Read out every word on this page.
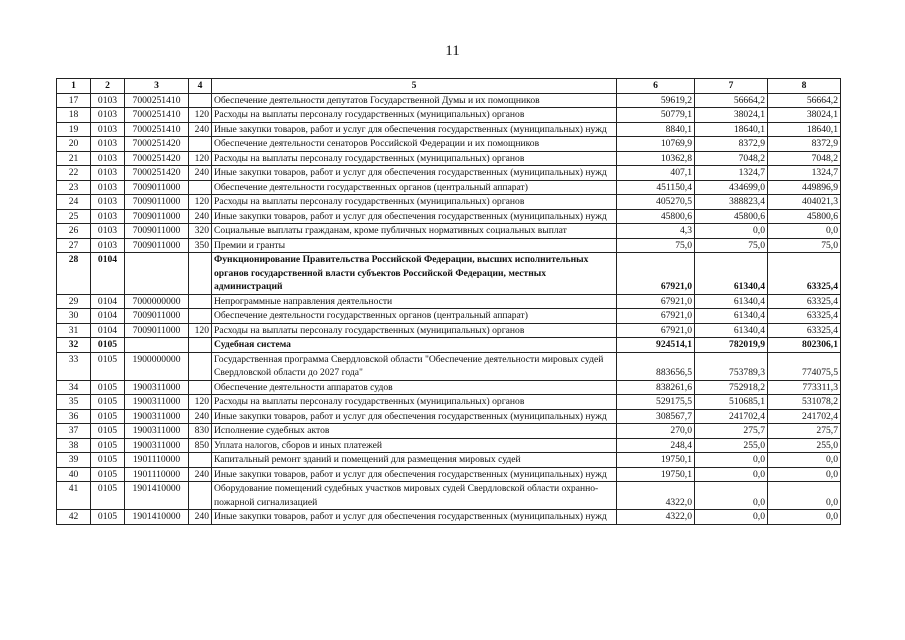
11
1	2	3	4	5	6	7	8
17	0103	7000251410		Обеспечение деятельности депутатов Государственной Думы и их помощников	59619,2	56664,2	56664,2
18	0103	7000251410	120	Расходы на выплаты персоналу государственных (муниципальных) органов	50779,1	38024,1	38024,1
19	0103	7000251410	240	Иные закупки товаров, работ и услуг для обеспечения государственных (муниципальных) нужд	8840,1	18640,1	18640,1
20	0103	7000251420		Обеспечение деятельности сенаторов Российской Федерации и их помощников	10769,9	8372,9	8372,9
21	0103	7000251420	120	Расходы на выплаты персоналу государственных (муниципальных) органов	10362,8	7048,2	7048,2
22	0103	7000251420	240	Иные закупки товаров, работ и услуг для обеспечения государственных (муниципальных) нужд	407,1	1324,7	1324,7
23	0103	7009011000		Обеспечение деятельности государственных органов (центральный аппарат)	451150,4	434699,0	449896,9
24	0103	7009011000	120	Расходы на выплаты персоналу государственных (муниципальных) органов	405270,5	388823,4	404021,3
25	0103	7009011000	240	Иные закупки товаров, работ и услуг для обеспечения государственных (муниципальных) нужд	45800,6	45800,6	45800,6
26	0103	7009011000	320	Социальные выплаты гражданам, кроме публичных нормативных социальных выплат	4,3	0,0	0,0
27	0103	7009011000	350	Премии и гранты	75,0	75,0	75,0
28	0104			Функционирование Правительства Российской Федерации, высших исполнительных органов государственной власти субъектов Российской Федерации, местных администраций	67921,0	61340,4	63325,4
29	0104	7000000000		Непрограммные направления деятельности	67921,0	61340,4	63325,4
30	0104	7009011000		Обеспечение деятельности государственных органов (центральный аппарат)	67921,0	61340,4	63325,4
31	0104	7009011000	120	Расходы на выплаты персоналу государственных (муниципальных) органов	67921,0	61340,4	63325,4
32	0105			Судебная система	924514,1	782019,9	802306,1
33	0105	1900000000		Государственная программа Свердловской области "Обеспечение деятельности мировых судей Свердловской области до 2027 года"	883656,5	753789,3	774075,5
34	0105	1900311000		Обеспечение деятельности аппаратов судов	838261,6	752918,2	773311,3
35	0105	1900311000	120	Расходы на выплаты персоналу государственных (муниципальных) органов	529175,5	510685,1	531078,2
36	0105	1900311000	240	Иные закупки товаров, работ и услуг для обеспечения государственных (муниципальных) нужд	308567,7	241702,4	241702,4
37	0105	1900311000	830	Исполнение судебных актов	270,0	275,7	275,7
38	0105	1900311000	850	Уплата налогов, сборов и иных платежей	248,4	255,0	255,0
39	0105	1901110000		Капитальный ремонт зданий и помещений для размещения мировых судей	19750,1	0,0	0,0
40	0105	1901110000	240	Иные закупки товаров, работ и услуг для обеспечения государственных (муниципальных) нужд	19750,1	0,0	0,0
41	0105	1901410000		Оборудование помещений судебных участков мировых судей Свердловской области охранно-пожарной сигнализацией	4322,0	0,0	0,0
42	0105	1901410000	240	Иные закупки товаров, работ и услуг для обеспечения государственных (муниципальных) нужд	4322,0	0,0	0,0
